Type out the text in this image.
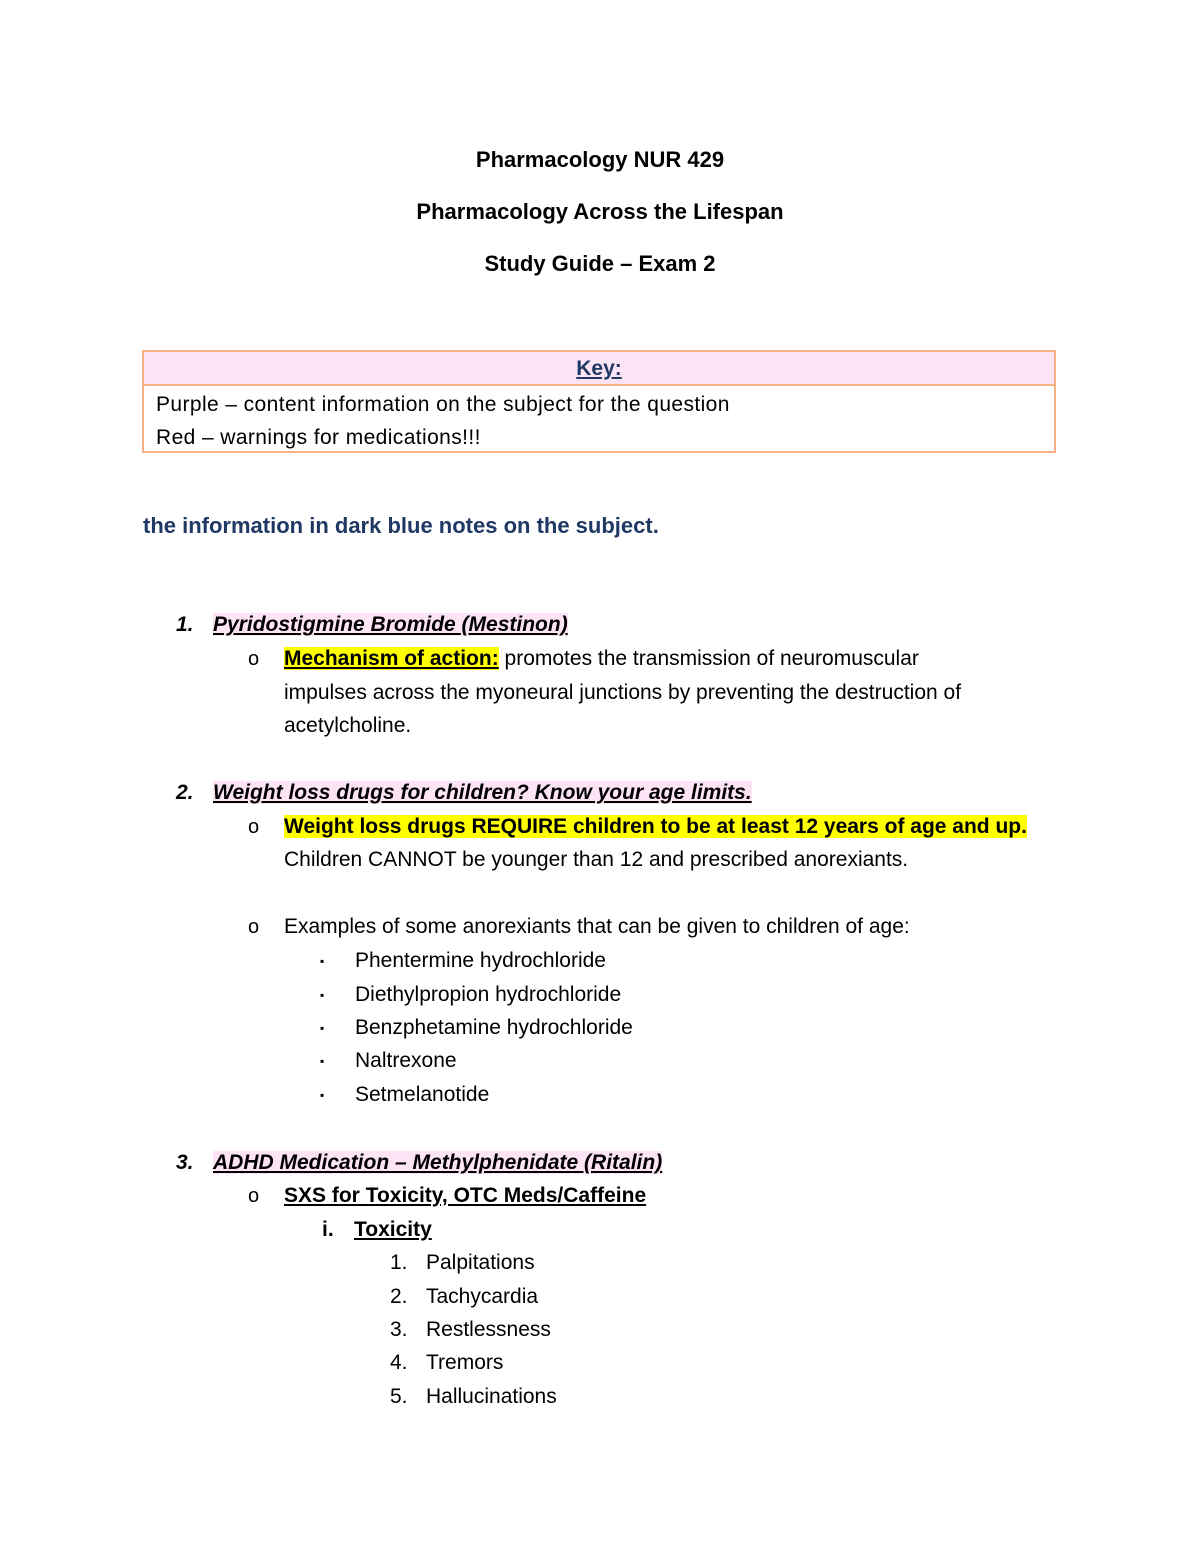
Pharmacology NUR 429
Pharmacology Across the Lifespan
Study Guide – Exam 2
Key:
Purple – content information on the subject for the question
Red – warnings for medications!!!
the information in dark blue notes on the subject.
1. Pyridostigmine Bromide (Mestinon)
o Mechanism of action: promotes the transmission of neuromuscular
impulses across the myoneural junctions by preventing the destruction of
acetylcholine.
2. Weight loss drugs for children? Know your age limits.
o Weight loss drugs REQUIRE children to be at least 12 years of age and up.
Children CANNOT be younger than 12 and prescribed anorexiants.
o Examples of some anorexiants that can be given to children of age:
▪ Phentermine hydrochloride
▪ Diethylpropion hydrochloride
▪ Benzphetamine hydrochloride
▪ Naltrexone
▪ Setmelanotide
3. ADHD Medication – Methylphenidate (Ritalin)
o SXS for Toxicity, OTC Meds/Caffeine
i. Toxicity
1. Palpitations
2. Tachycardia
3. Restlessness
4. Tremors
5. Hallucinations
